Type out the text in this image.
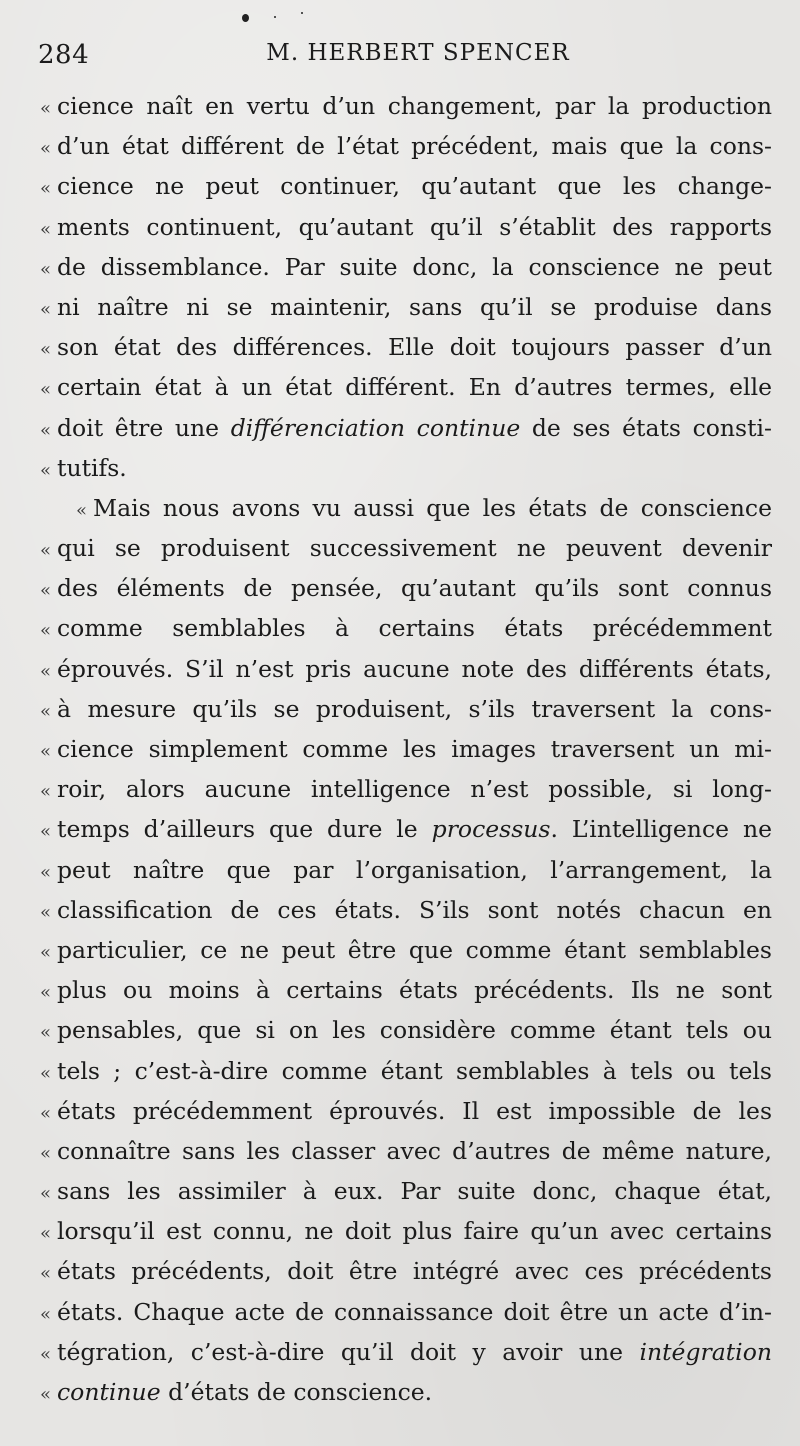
284	M. HERBERT SPENCER
« cience naît en vertu d’un changement, par la production
« d’un état différent de l’état précédent, mais que la cons-
« cience ne peut continuer, qu’autant que les change-
« ments continuent, qu’autant qu’il s’établit des rapports
« de dissemblance. Par suite donc, la conscience ne peut
« ni naître ni se maintenir, sans qu’il se produise dans
« son état des différences. Elle doit toujours passer d’un
« certain état à un état différent. En d’autres termes, elle
« doit être une différenciation continue de ses états consti-
« tutifs.
« Mais nous avons vu aussi que les états de conscience
« qui se produisent successivement ne peuvent devenir
« des éléments de pensée, qu’autant qu’ils sont connus
« comme semblables à certains états précédemment
« éprouvés. S’il n’est pris aucune note des différents états,
« à mesure qu’ils se produisent, s’ils traversent la cons-
« cience simplement comme les images traversent un mi-
« roir, alors aucune intelligence n’est possible, si long-
« temps d’ailleurs que dure le processus. L’intelligence ne
« peut naître que par l’organisation, l’arrangement, la
« classification de ces états. S’ils sont notés chacun en
« particulier, ce ne peut être que comme étant semblables
« plus ou moins à certains états précédents. Ils ne sont
« pensables, que si on les considère comme étant tels ou
« tels ; c’est-à-dire comme étant semblables à tels ou tels
« états précédemment éprouvés. Il est impossible de les
« connaître sans les classer avec d’autres de même nature,
« sans les assimiler à eux. Par suite donc, chaque état,
« lorsqu’il est connu, ne doit plus faire qu’un avec certains
« états précédents, doit être intégré avec ces précédents
« états. Chaque acte de connaissance doit être un acte d’in-
« tégration, c’est-à-dire qu’il doit y avoir une intégration
« continue d’états de conscience.
